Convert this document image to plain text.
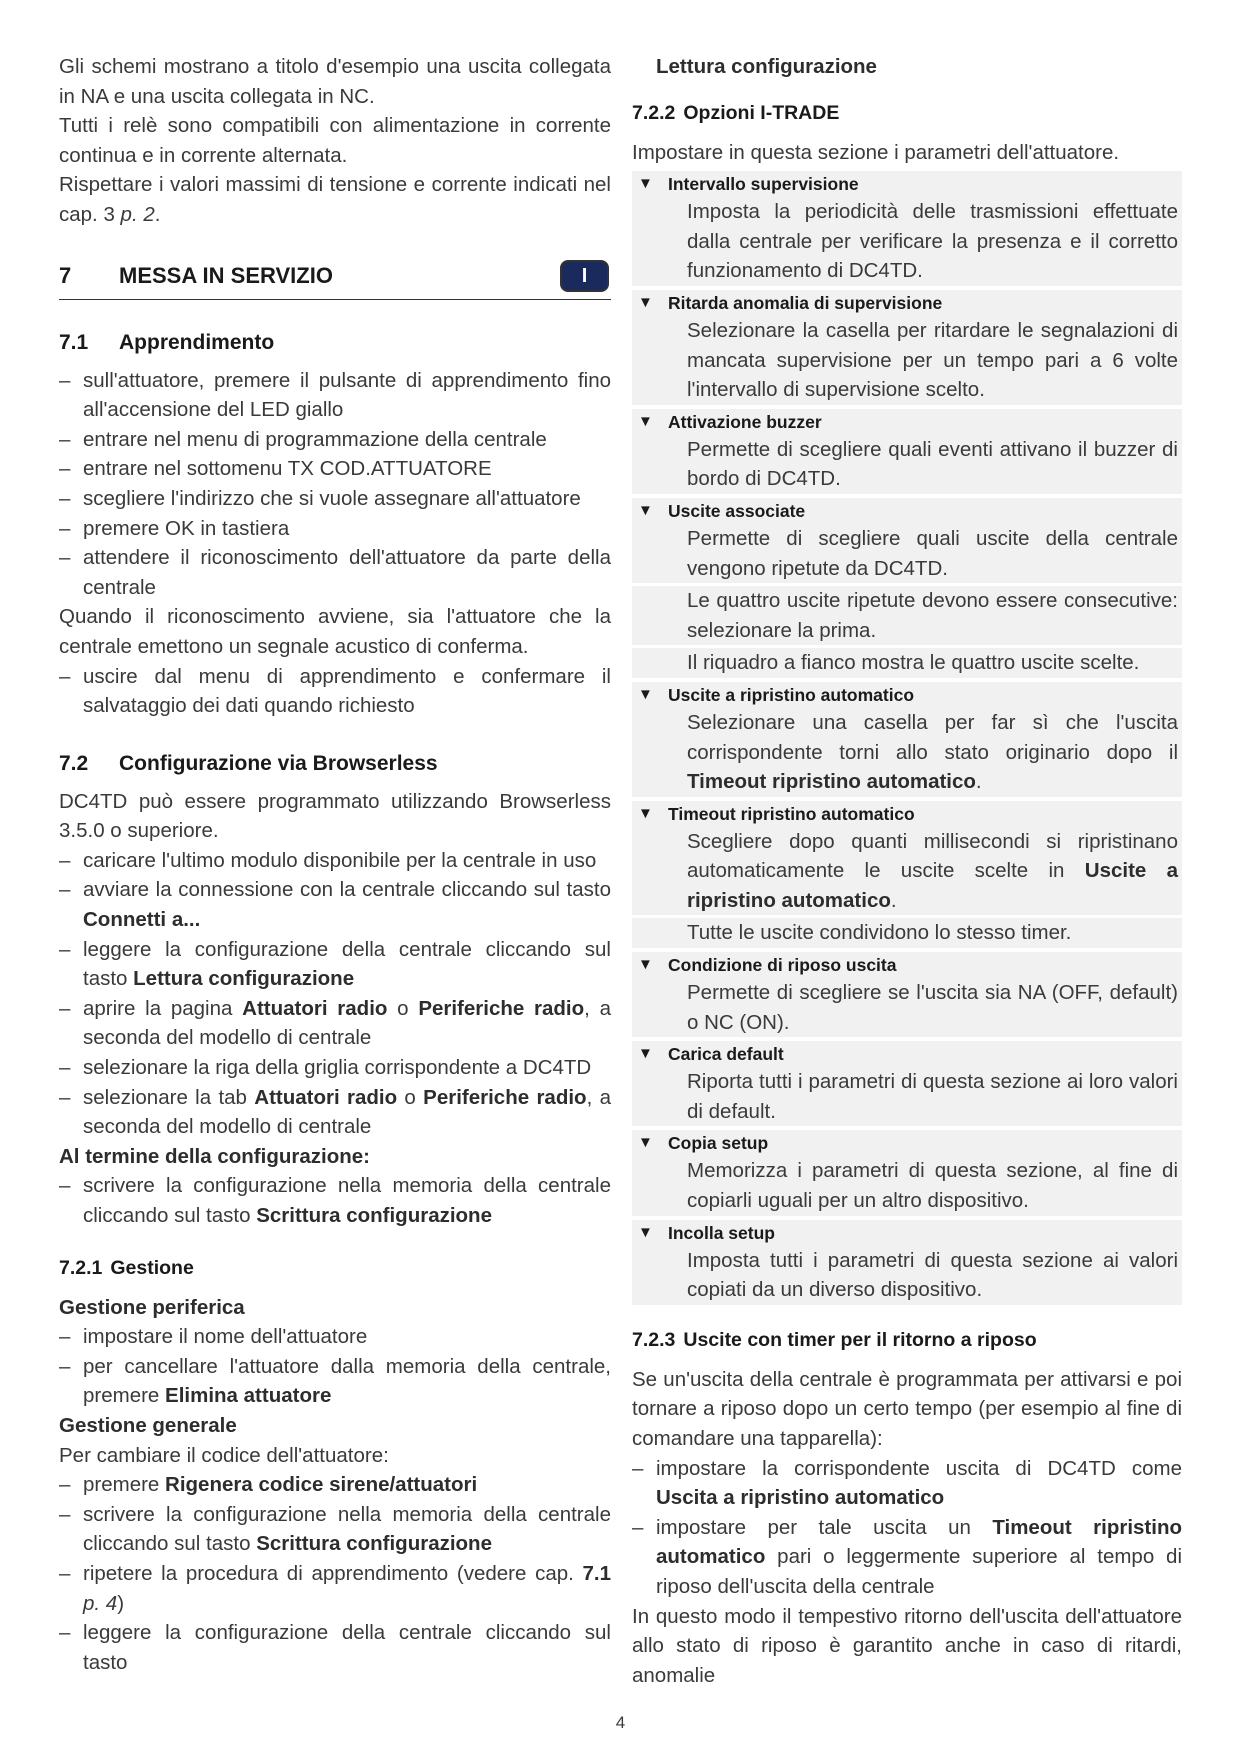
Gli schemi mostrano a titolo d'esempio una uscita collegata in NA e una uscita collegata in NC.

Tutti i relè sono compatibili con alimentazione in corrente continua e in corrente alternata.

Rispettare i valori massimi di tensione e corrente indicati nel cap. 3 p. 2.

7 MESSA IN SERVIZIO	I
7.1 Apprendimento
– sull'attuatore, premere il pulsante di apprendimento fino all'accensione del LED giallo
– entrare nel menu di programmazione della centrale
– entrare nel sottomenu TX COD.ATTUATORE
– scegliere l'indirizzo che si vuole assegnare all'attuatore
– premere OK in tastiera
– attendere il riconoscimento dell'attuatore da parte della centrale

Quando il riconoscimento avviene, sia l'attuatore che la centrale emettono un segnale acustico di conferma.

– uscire dal menu di apprendimento e confermare il salvataggio dei dati quando richiesto
7.2 Configurazione via Browserless

DC4TD può essere programmato utilizzando Browserless 3.5.0 o superiore.

– caricare l'ultimo modulo disponibile per la centrale in uso
– avviare la connessione con la centrale cliccando sul tasto Connetti a...
– leggere la configurazione della centrale cliccando sul tasto Lettura configurazione
– aprire la pagina Attuatori radio o Periferiche radio, a seconda del modello di centrale
– selezionare la riga della griglia corrispondente a DC4TD
– selezionare la tab Attuatori radio o Periferiche radio, a seconda del modello di centrale

Al termine della configurazione:

– scrivere la configurazione nella memoria della centrale cliccando sul tasto Scrittura configurazione
7.2.1 Gestione

Gestione periferica

– impostare il nome dell'attuatore
– per cancellare l'attuatore dalla memoria della centrale, premere Elimina attuatore

Gestione generale

Per cambiare il codice dell'attuatore:

– premere Rigenera codice sirene/attuatori
– scrivere la configurazione nella memoria della centrale cliccando sul tasto Scrittura configurazione
– ripetere la procedura di apprendimento (vedere cap. 7.1 p. 4)
– leggere la configurazione della centrale cliccando sul tasto

Lettura configurazione

7.2.2 Opzioni I-TRADE

Impostare in questa sezione i parametri dell'attuatore.

▼ Intervallo supervisione
Imposta la periodicità delle trasmissioni effettuate dalla centrale per verificare la presenza e il corretto funzionamento di DC4TD.
▼ Ritarda anomalia di supervisione
Selezionare la casella per ritardare le segnalazioni di mancata supervisione per un tempo pari a 6 volte l'intervallo di supervisione scelto.
▼ Attivazione buzzer
Permette di scegliere quali eventi attivano il buzzer di bordo di DC4TD.
▼ Uscite associate
Permette di scegliere quali uscite della centrale vengono ripetute da DC4TD.
Le quattro uscite ripetute devono essere consecutive: selezionare la prima.
Il riquadro a fianco mostra le quattro uscite scelte.
▼ Uscite a ripristino automatico
Selezionare una casella per far sì che l'uscita corrispondente torni allo stato originario dopo il Timeout ripristino automatico.
▼ Timeout ripristino automatico
Scegliere dopo quanti millisecondi si ripristinano automaticamente le uscite scelte in Uscite a ripristino automatico.
Tutte le uscite condividono lo stesso timer.
▼ Condizione di riposo uscita
Permette di scegliere se l'uscita sia NA (OFF, default) o NC (ON).
▼ Carica default
Riporta tutti i parametri di questa sezione ai loro valori di default.
▼ Copia setup
Memorizza i parametri di questa sezione, al fine di copiarli uguali per un altro dispositivo.
▼ Incolla setup
Imposta tutti i parametri di questa sezione ai valori copiati da un diverso dispositivo.
7.2.3 Uscite con timer per il ritorno a riposo

Se un'uscita della centrale è programmata per attivarsi e poi tornare a riposo dopo un certo tempo (per esempio al fine di comandare una tapparella):

– impostare la corrispondente uscita di DC4TD come Uscita a ripristino automatico
– impostare per tale uscita un Timeout ripristino automatico pari o leggermente superiore al tempo di riposo dell'uscita della centrale

In questo modo il tempestivo ritorno dell'uscita dell'attuatore allo stato di riposo è garantito anche in caso di ritardi, anomalie

4
